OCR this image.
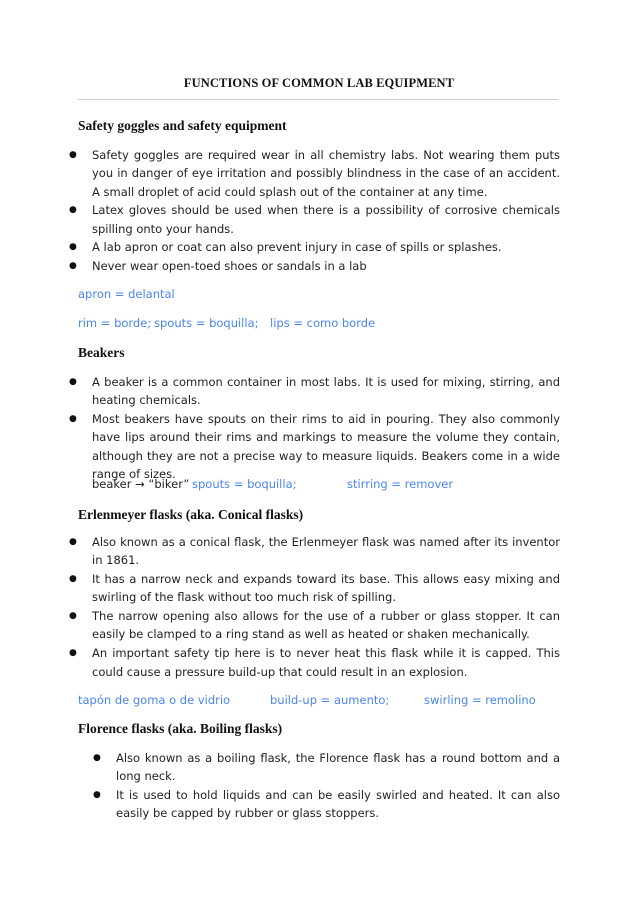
FUNCTIONS OF COMMON LAB EQUIPMENT
Safety goggles and safety equipment
● Safety goggles are required wear in all chemistry labs. Not wearing them puts you in danger of eye irritation and possibly blindness in the case of an accident. A small droplet of acid could splash out of the container at any time.
● Latex gloves should be used when there is a possibility of corrosive chemicals spilling onto your hands.
● A lab apron or coat can also prevent injury in case of spills or splashes.
● Never wear open-toed shoes or sandals in a lab
apron = delantal
rim = borde; spouts = boquilla; lips = como borde
Beakers
● A beaker is a common container in most labs. It is used for mixing, stirring, and heating chemicals.
● Most beakers have spouts on their rims to aid in pouring. They also commonly have lips around their rims and markings to measure the volume they contain, although they are not a precise way to measure liquids. Beakers come in a wide range of sizes.
beaker → “biker” spouts = boquilla;	stirring = remover
Erlenmeyer flasks (aka. Conical flasks)
● Also known as a conical flask, the Erlenmeyer flask was named after its inventor in 1861.
● It has a narrow neck and expands toward its base. This allows easy mixing and swirling of the flask without too much risk of spilling.
● The narrow opening also allows for the use of a rubber or glass stopper. It can easily be clamped to a ring stand as well as heated or shaken mechanically.
● An important safety tip here is to never heat this flask while it is capped. This could cause a pressure build-up that could result in an explosion.
tapón de goma o de vidrio	build-up = aumento;	swirling = remolino
Florence flasks (aka. Boiling flasks)
● Also known as a boiling flask, the Florence flask has a round bottom and a long neck.
● It is used to hold liquids and can be easily swirled and heated. It can also easily be capped by rubber or glass stoppers.
